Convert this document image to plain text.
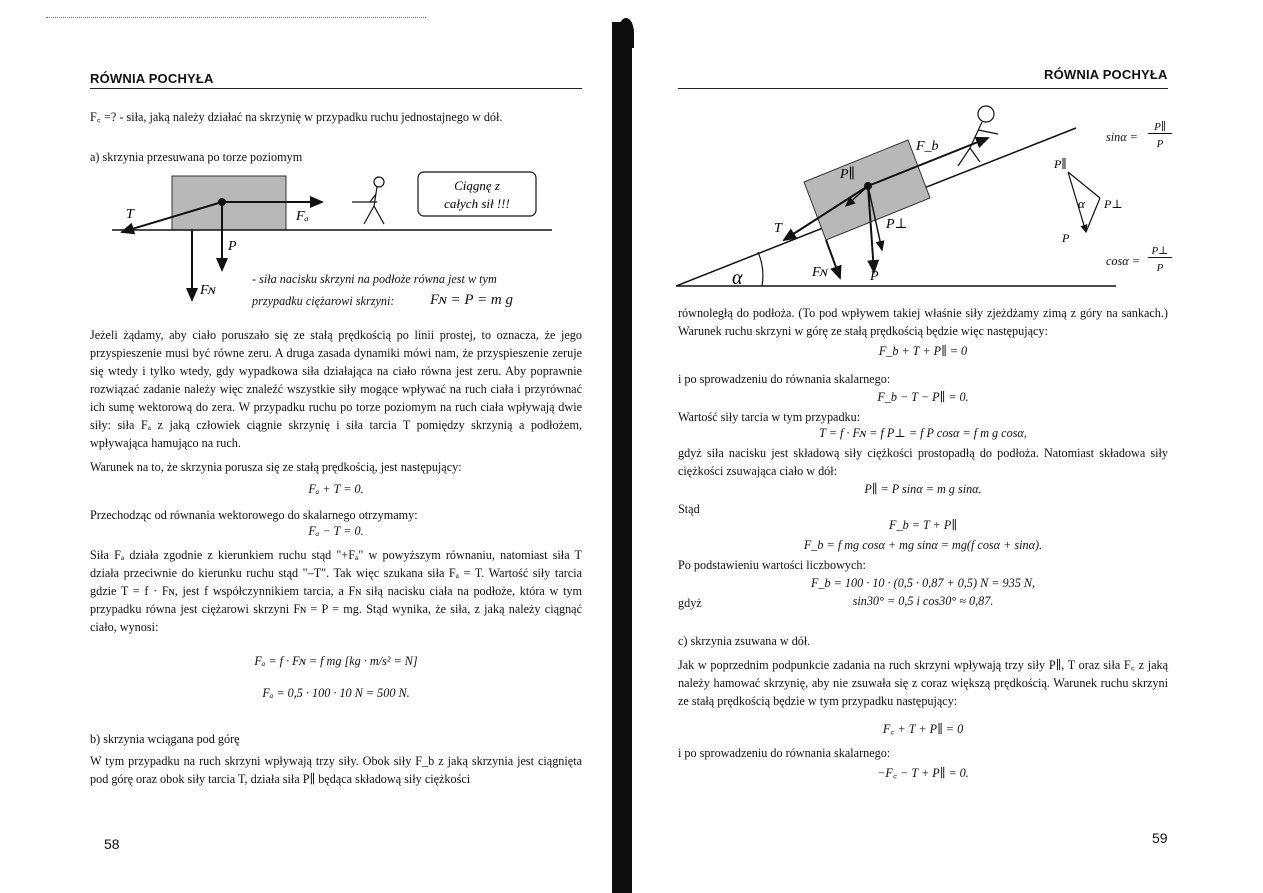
RÓWNIA POCHYŁA
F꜀ =? - siła, jaką należy działać na skrzynię w przypadku ruchu jednostajnego w dół.
a) skrzynia przesuwana po torze poziomym
Ciągnę z
całych sił !!!
T	Fₐ
P
Fɴ
- siła nacisku skrzyni na podłoże równa jest w tym
przypadku ciężarowi skrzyni:	Fɴ = P = m g
Jeżeli żądamy, aby ciało poruszało się ze stałą prędkością po linii prostej, to oznacza, że jego przyspieszenie musi być równe zeru. A druga zasada dynamiki mówi nam, że przyspieszenie zeruje się wtedy i tylko wtedy, gdy wypadkowa siła działająca na ciało równa jest zeru. Aby poprawnie rozwiązać zadanie należy więc znaleźć wszystkie siły mogące wpływać na ruch ciała i przyrównać ich sumę wektorową do zera. W przypadku ruchu po torze poziomym na ruch ciała wpływają dwie siły: siła Fₐ z jaką człowiek ciągnie skrzynię i siła tarcia T pomiędzy skrzynią a podłożem, wpływająca hamująco na ruch.
Warunek na to, że skrzynia porusza się ze stałą prędkością, jest następujący:
Fₐ + T = 0.
Przechodząc od równania wektorowego do skalarnego otrzymamy:
Fₐ − T = 0.
Siła Fₐ działa zgodnie z kierunkiem ruchu stąd "+Fₐ" w powyższym równaniu, natomiast siła T działa przeciwnie do kierunku ruchu stąd "–T". Tak więc szukana siła Fₐ = T. Wartość siły tarcia gdzie T = f · Fɴ, jest f współczynnikiem tarcia, a Fɴ siłą nacisku ciała na podłoże, która w tym przypadku równa jest ciężarowi skrzyni Fɴ = P = mg. Stąd wynika, że siła, z jaką należy ciągnąć ciało, wynosi:
Fₐ = f · Fɴ = f mg [kg · m/s² = N]
Fₐ = 0,5 · 100 · 10 N = 500 N.
b) skrzynia wciągana pod górę
W tym przypadku na ruch skrzyni wpływają trzy siły. Obok siły F_b z jaką skrzynia jest ciągnięta pod górę oraz obok siły tarcia T, działa siła P∥ będąca składową siły ciężkości
58
RÓWNIA POCHYŁA
α
F_b
P∥
P⊥
T
Fɴ	P
P∥
P⊥
P
α
sinα =
P∥
P
cosα =
P⊥
P
równoległą do podłoża. (To pod wpływem takiej właśnie siły zjeżdżamy zimą z góry na sankach.) Warunek ruchu skrzyni w górę ze stałą prędkością będzie więc następujący:
F_b + T + P∥ = 0
i po sprowadzeniu do równania skalarnego:
F_b − T − P∥ = 0.
Wartość siły tarcia w tym przypadku:
T = f · Fɴ = f P⊥ = f P cosα = f m g cosα,
gdyż siła nacisku jest składową siły ciężkości prostopadłą do podłoża. Natomiast składowa siły ciężkości zsuwająca ciało w dół:
P∥ = P sinα = m g sinα.
Stąd
F_b = T + P∥
F_b = f mg cosα + mg sinα = mg(f cosα + sinα).
Po podstawieniu wartości liczbowych:
F_b = 100 · 10 · (0,5 · 0,87 + 0,5) N = 935 N,
gdyż	sin30° = 0,5 i cos30° ≈ 0,87.
c) skrzynia zsuwana w dół.
Jak w poprzednim podpunkcie zadania na ruch skrzyni wpływają trzy siły P∥, T oraz siła F꜀ z jaką należy hamować skrzynię, aby nie zsuwała się z coraz większą prędkością. Warunek ruchu skrzyni ze stałą prędkością będzie w tym przypadku następujący:
F꜀ + T + P∥ = 0
i po sprowadzeniu do równania skalarnego:
−F꜀ − T + P∥ = 0.
59
